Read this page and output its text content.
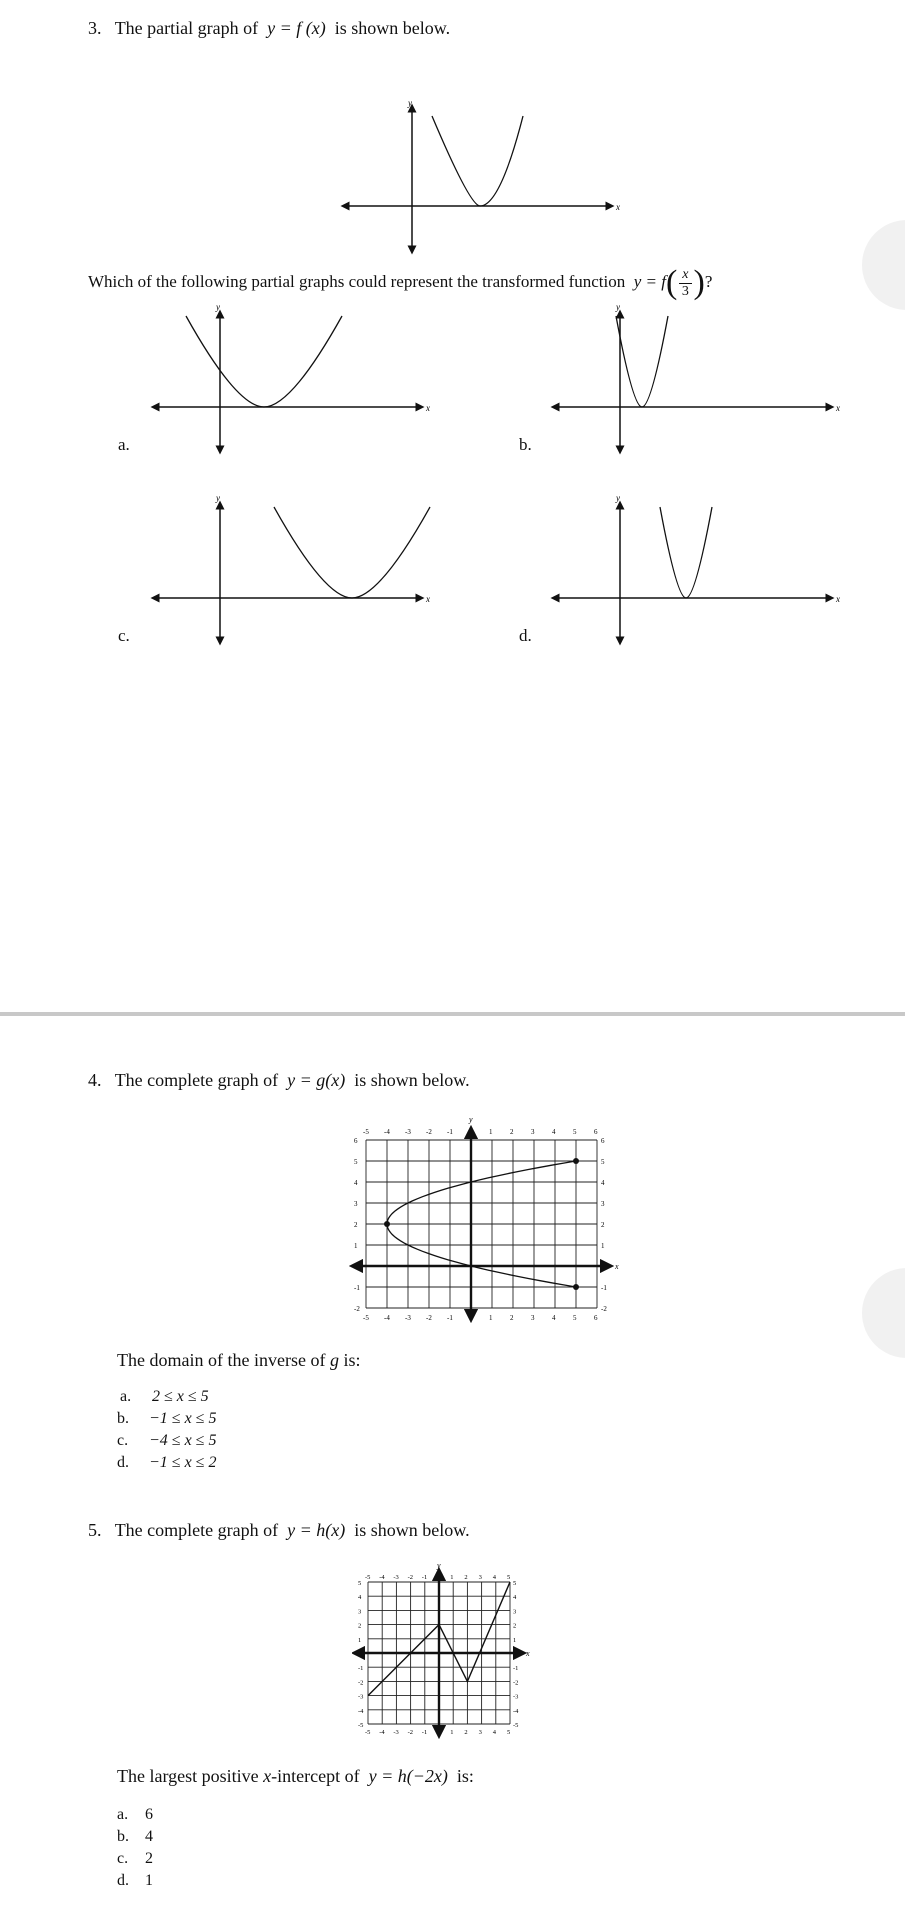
3. The partial graph of y = f (x) is shown below.
y
x
Which of the following partial graphs could represent the transformed function $y = f( \frac{x}{3}$ )?
a.	b.
c.	d.
y
x
y
x
y
x
y
x
4. The complete graph of y = g(x) is shown below.
-5
-5
-4
-4
-3
-3
-2
-2
-1
-1
1
1
2
2
3
3
4
4
5
5
6
6
6	6
5	5
4	4
3	3
2	2
1	1
-1	-1
-2	-2
y
x
The domain of the inverse of g is:
a. 2 ≤ x ≤ 5
b. −1 ≤ x ≤ 5
c. −4 ≤ x ≤ 5
d. −1 ≤ x ≤ 2
5. The complete graph of y = h(x) is shown below.
-5
-5
-4
-4
-3
-3
-2
-2
-1
-1
1
1
2
2
3
3
4
4
5
5
5	5
4	4
3	3
2	2
1	1
-1	-1
-2	-2
-3	-3
-4	-4
-5	-5
y
x
The largest positive x-intercept of y = h(−2x) is:
a. 6
b. 4
c. 2
d. 1
